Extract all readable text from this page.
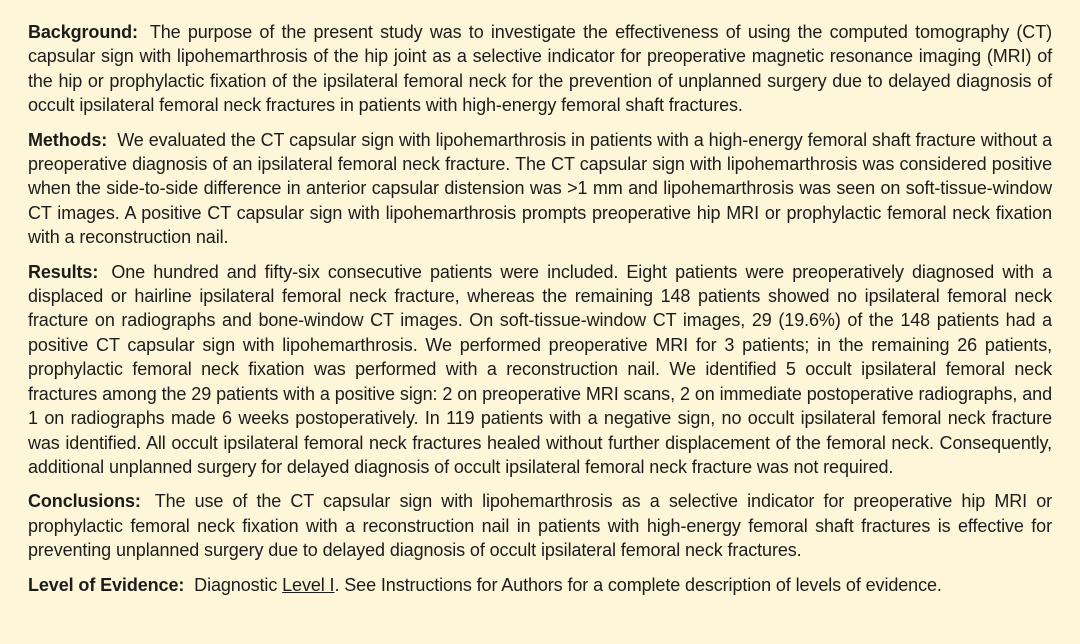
Background: The purpose of the present study was to investigate the effectiveness of using the computed tomography (CT) capsular sign with lipohemarthrosis of the hip joint as a selective indicator for preoperative magnetic resonance imaging (MRI) of the hip or prophylactic fixation of the ipsilateral femoral neck for the prevention of unplanned surgery due to delayed diagnosis of occult ipsilateral femoral neck fractures in patients with high-energy femoral shaft fractures.

Methods: We evaluated the CT capsular sign with lipohemarthrosis in patients with a high-energy femoral shaft fracture without a preoperative diagnosis of an ipsilateral femoral neck fracture. The CT capsular sign with lipohemarthrosis was considered positive when the side-to-side difference in anterior capsular distension was >1 mm and lipohemarthrosis was seen on soft-tissue-window CT images. A positive CT capsular sign with lipohemarthrosis prompts preoperative hip MRI or prophylactic femoral neck fixation with a reconstruction nail.

Results: One hundred and fifty-six consecutive patients were included. Eight patients were preoperatively diagnosed with a displaced or hairline ipsilateral femoral neck fracture, whereas the remaining 148 patients showed no ipsilateral femoral neck fracture on radiographs and bone-window CT images. On soft-tissue-window CT images, 29 (19.6%) of the 148 patients had a positive CT capsular sign with lipohemarthrosis. We performed preoperative MRI for 3 patients; in the remaining 26 patients, prophylactic femoral neck fixation was performed with a reconstruction nail. We identified 5 occult ipsilateral femoral neck fractures among the 29 patients with a positive sign: 2 on preoperative MRI scans, 2 on immediate postoperative radiographs, and 1 on radiographs made 6 weeks postoperatively. In 119 patients with a negative sign, no occult ipsilateral femoral neck fracture was identified. All occult ipsilateral femoral neck fractures healed without further displacement of the femoral neck. Consequently, additional unplanned surgery for delayed diagnosis of occult ipsilateral femoral neck fracture was not required.

Conclusions: The use of the CT capsular sign with lipohemarthrosis as a selective indicator for preoperative hip MRI or prophylactic femoral neck fixation with a reconstruction nail in patients with high-energy femoral shaft fractures is effective for preventing unplanned surgery due to delayed diagnosis of occult ipsilateral femoral neck fractures.

Level of Evidence: Diagnostic Level I. See Instructions for Authors for a complete description of levels of evidence.
